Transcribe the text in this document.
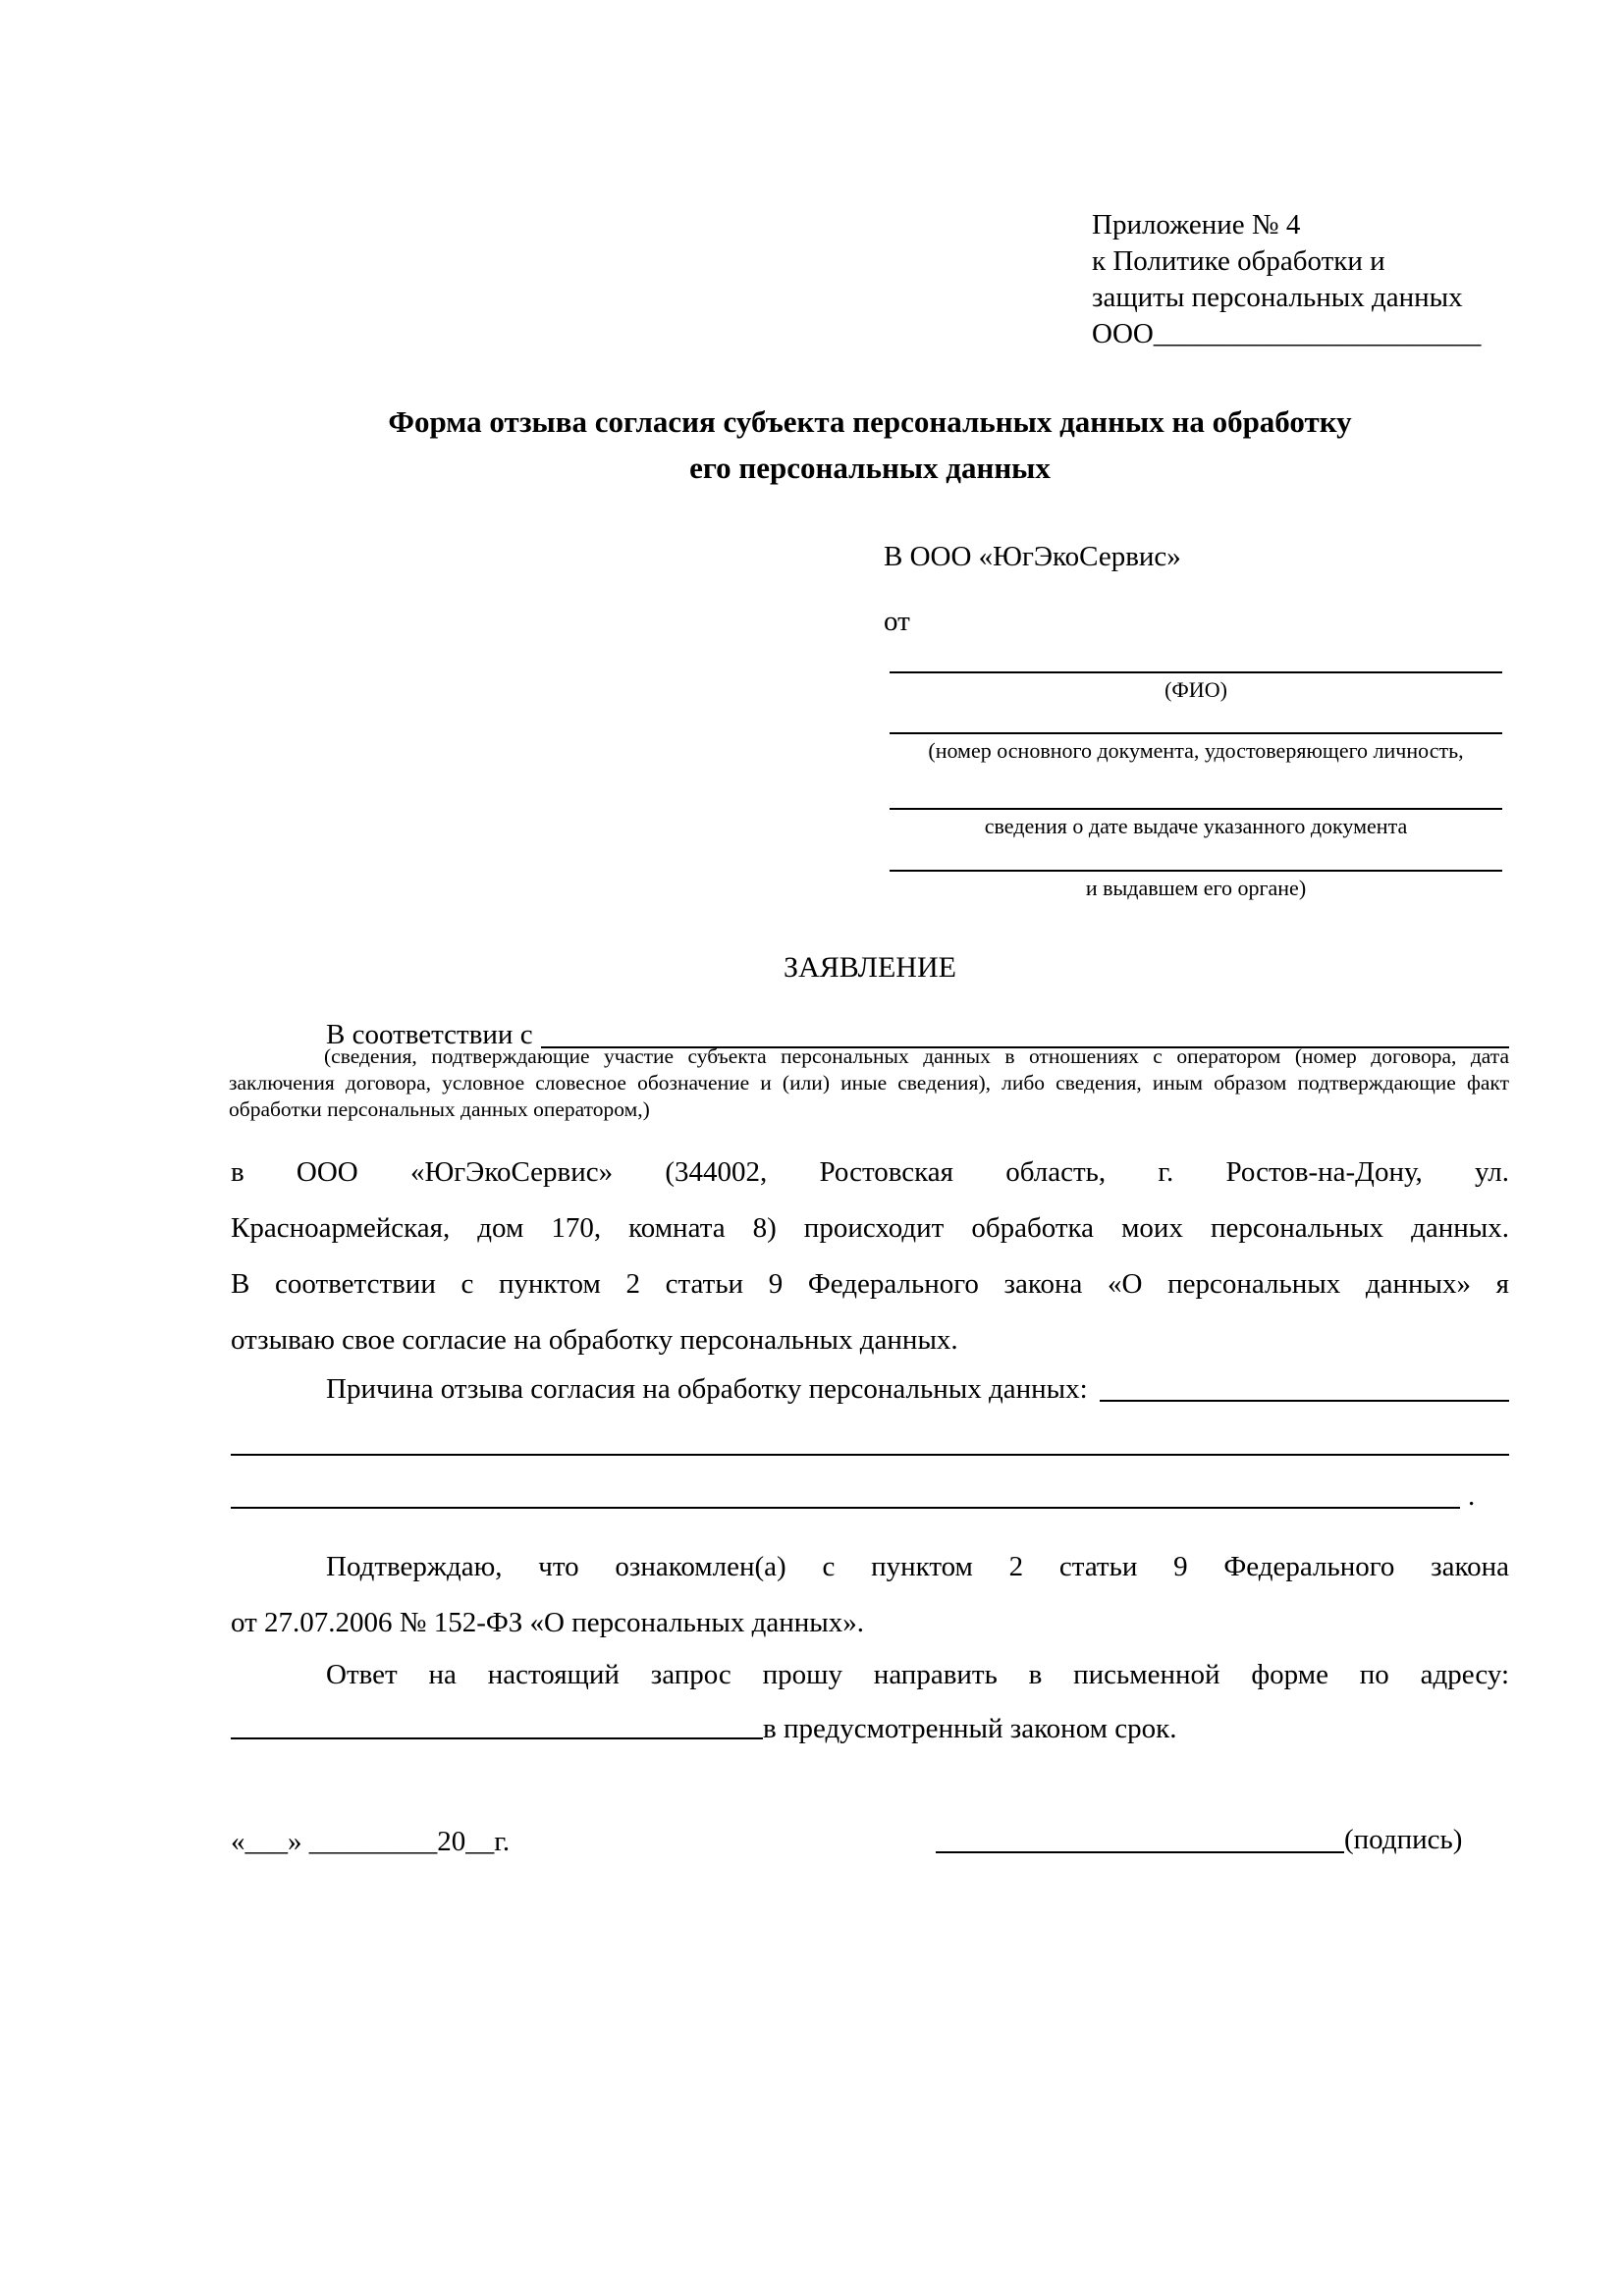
Приложение № 4
к Политике обработки и
защиты персональных данных
ООО_______________________
Форма отзыва согласия субъекта персональных данных на обработку
его персональных данных
В ООО «ЮгЭкоСервис»
от
(ФИО)
(номер основного документа, удостоверяющего личность,
сведения о дате выдаче указанного документа
и выдавшем его органе)
ЗАЯВЛЕНИЕ
В соответствии с
(сведения, подтверждающие участие субъекта персональных данных в отношениях с оператором (номер договора, дата
заключения договора, условное словесное обозначение и (или) иные сведения), либо сведения, иным образом подтверждающие факт
обработки персональных данных оператором,)
в ООО «ЮгЭкоСервис» (344002, Ростовская область, г. Ростов-на-Дону, ул.
Красноармейская, дом 170, комната 8) происходит обработка моих персональных данных.
В соответствии с пунктом 2 статьи 9 Федерального закона «О персональных данных» я
отзываю свое согласие на обработку персональных данных.
Причина отзыва согласия на обработку персональных данных:
.
Подтверждаю, что ознакомлен(а) с пунктом 2 статьи 9 Федерального закона
от 27.07.2006 № 152-ФЗ «О персональных данных».
Ответ на настоящий запрос прошу направить в письменной форме по адресу:
в предусмотренный законом срок.
«___» _________20__г.	(подпись)
